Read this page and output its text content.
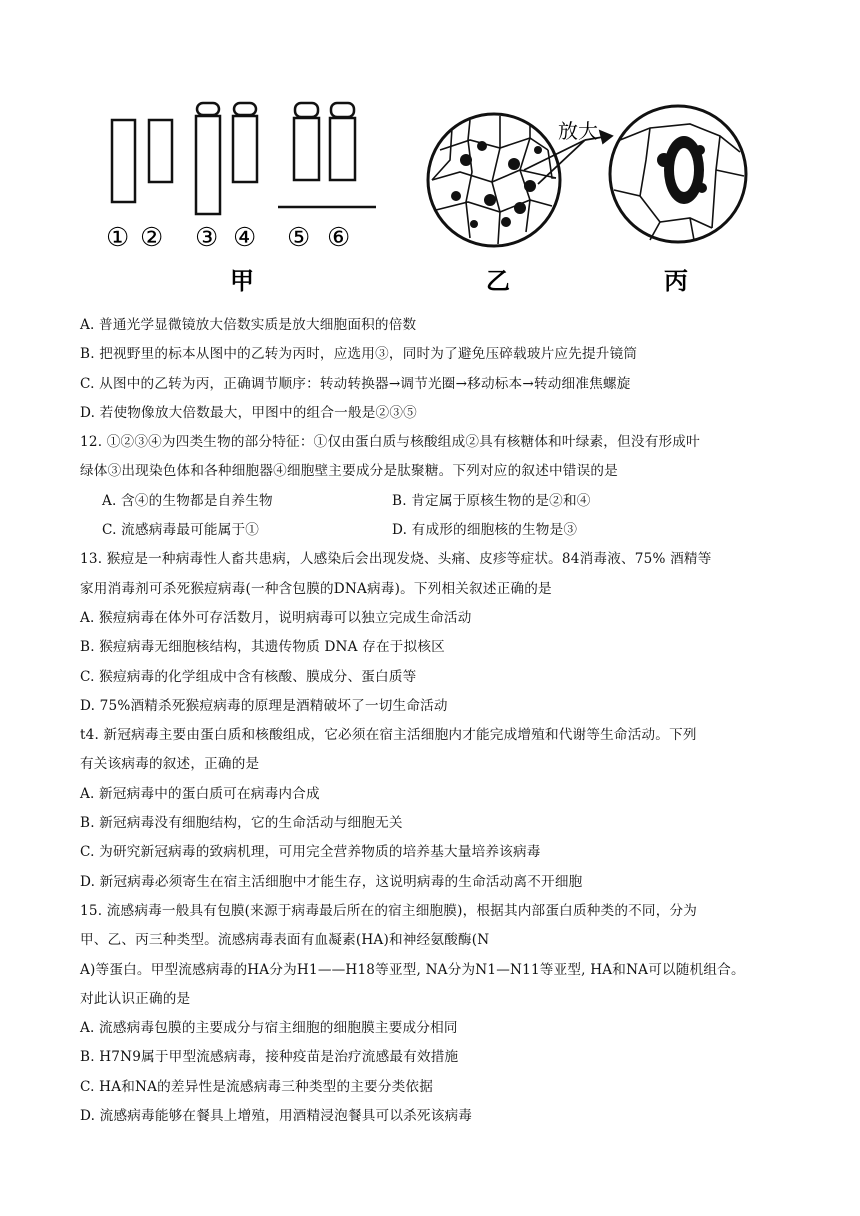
① ② ③ ④ ⑤ ⑥
甲	乙
放大
丙
A. 普通光学显微镜放大倍数实质是放大细胞面积的倍数
B. 把视野里的标本从图中的乙转为丙时，应选用③，同时为了避免压碎载玻片应先提升镜筒
C. 从图中的乙转为丙，正确调节顺序：转动转换器→调节光圈→移动标本→转动细准焦螺旋
D. 若使物像放大倍数最大，甲图中的组合一般是②③⑤
12. ①②③④为四类生物的部分特征：①仅由蛋白质与核酸组成②具有核糖体和叶绿素，但没有形成叶
绿体③出现染色体和各种细胞器④细胞壁主要成分是肽聚糖。下列对应的叙述中错误的是
A. 含④的生物都是自养生物	B. 肯定属于原核生物的是②和④
C. 流感病毒最可能属于①	D. 有成形的细胞核的生物是③
13. 猴痘是一种病毒性人畜共患病，人感染后会出现发烧、头痛、皮疹等症状。84消毒液、75% 酒精等
家用消毒剂可杀死猴痘病毒(一种含包膜的DNA病毒)。下列相关叙述正确的是
A. 猴痘病毒在体外可存活数月，说明病毒可以独立完成生命活动
B. 猴痘病毒无细胞核结构，其遗传物质 DNA 存在于拟核区
C. 猴痘病毒的化学组成中含有核酸、膜成分、蛋白质等
D. 75%酒精杀死猴痘病毒的原理是酒精破坏了一切生命活动
t4. 新冠病毒主要由蛋白质和核酸组成，它必须在宿主活细胞内才能完成增殖和代谢等生命活动。下列
有关该病毒的叙述，正确的是
A. 新冠病毒中的蛋白质可在病毒内合成
B. 新冠病毒没有细胞结构，它的生命活动与细胞无关
C. 为研究新冠病毒的致病机理，可用完全营养物质的培养基大量培养该病毒
D. 新冠病毒必须寄生在宿主活细胞中才能生存，这说明病毒的生命活动离不开细胞
15. 流感病毒一般具有包膜(来源于病毒最后所在的宿主细胞膜)，根据其内部蛋白质种类的不同，分为
甲、乙、丙三种类型。流感病毒表面有血凝素(HA)和神经氨酸酶(N
A)等蛋白。甲型流感病毒的HA分为H1——H18等亚型, NA分为N1—N11等亚型, HA和NA可以随机组合。
对此认识正确的是
A. 流感病毒包膜的主要成分与宿主细胞的细胞膜主要成分相同
B. H7N9属于甲型流感病毒，接种疫苗是治疗流感最有效措施
C. HA和NA的差异性是流感病毒三种类型的主要分类依据
D. 流感病毒能够在餐具上增殖，用酒精浸泡餐具可以杀死该病毒
